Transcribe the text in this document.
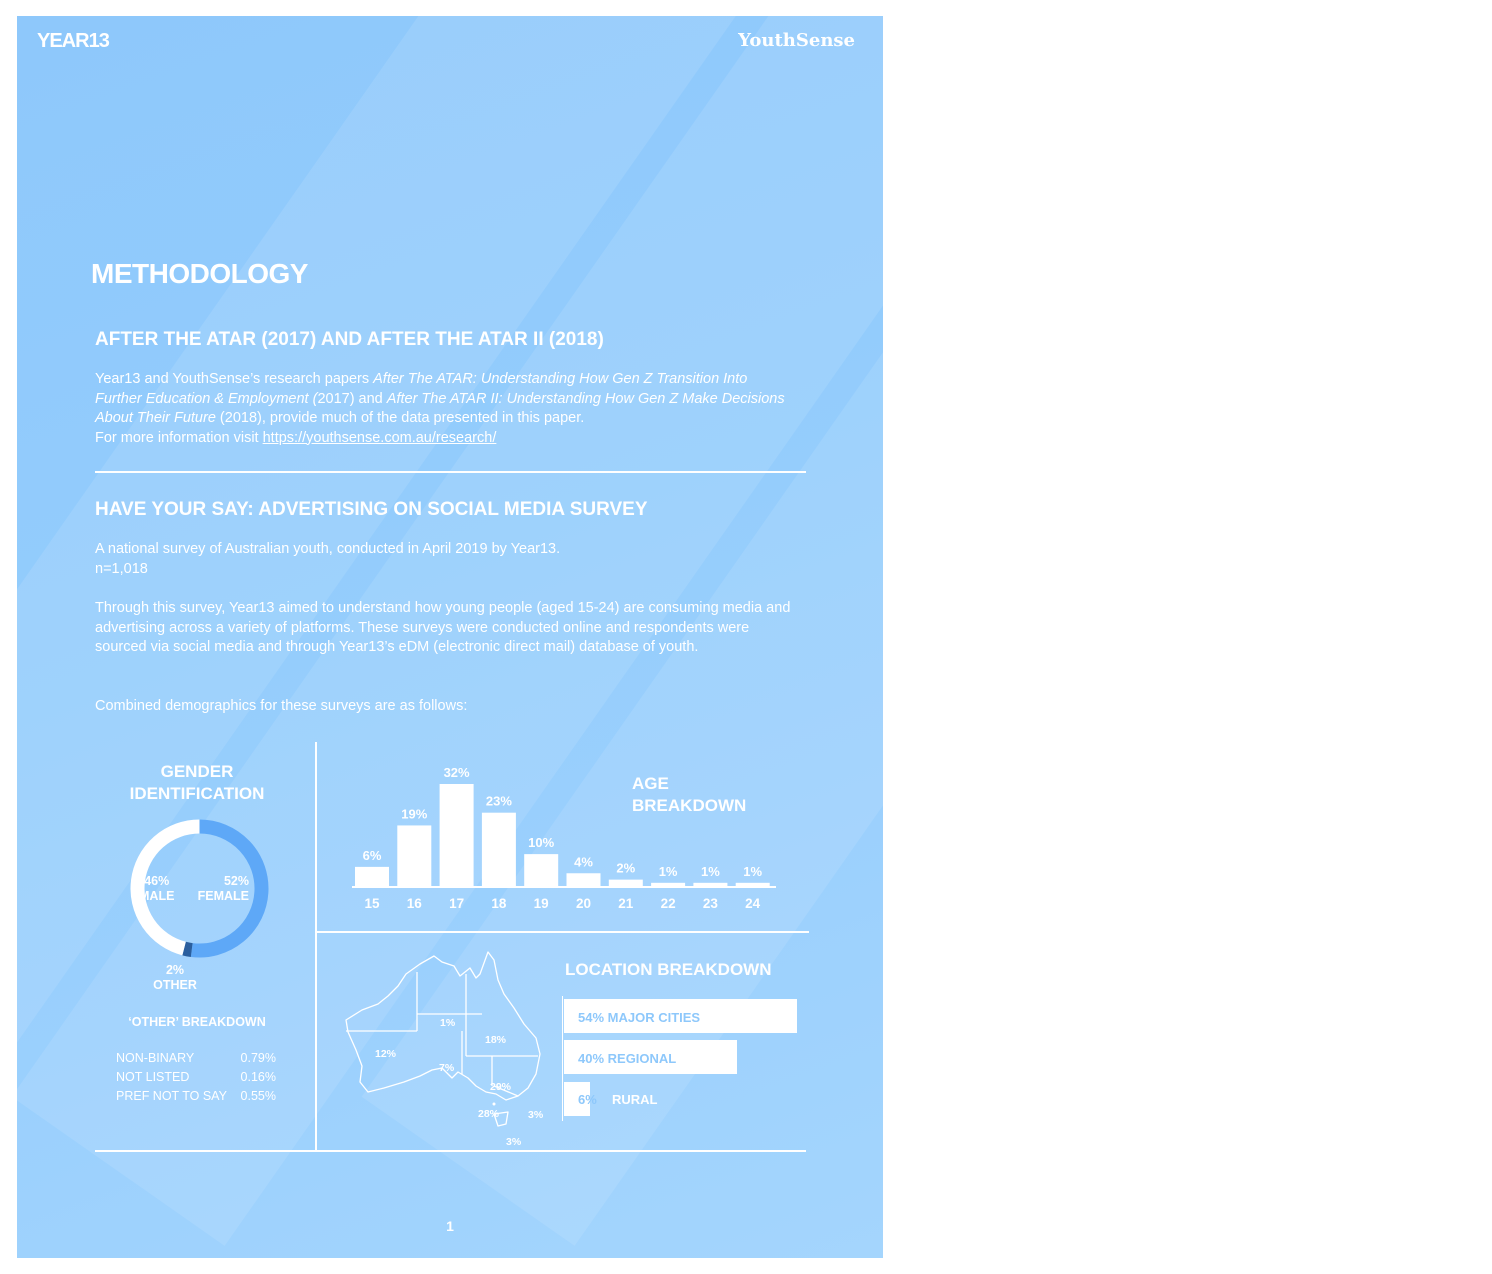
YEAR13	YouthSense
METHODOLOGY
AFTER THE ATAR (2017) AND AFTER THE ATAR II (2018)
Year13 and YouthSense’s research papers After The ATAR: Understanding How Gen Z Transition Into Further Education & Employment (2017) and After The ATAR II: Understanding How Gen Z Make Decisions About Their Future (2018), provide much of the data presented in this paper.
For more information visit https://youthsense.com.au/research/
HAVE YOUR SAY: ADVERTISING ON SOCIAL MEDIA SURVEY
A national survey of Australian youth, conducted in April 2019 by Year13.
n=1,018
Through this survey, Year13 aimed to understand how young people (aged 15-24) are consuming media and advertising across a variety of platforms. These surveys were conducted online and respondents were sourced via social media and through Year13’s eDM (electronic direct mail) database of youth.
Combined demographics for these surveys are as follows:
GENDER
IDENTIFICATION
46%
MALE
52%
FEMALE
2%
OTHER
‘OTHER’ BREAKDOWN
NON-BINARY	0.79%
NOT LISTED	0.16%
PREF NOT TO SAY 0.55%
6%
15
19%
16
32%
17
23%
18
10%
19
4%
20
2%
21
1%
22
1%
23
1%
24
AGE
BREAKDOWN
1%
12%
18%
7%
29%
28%	3%
3%
LOCATION BREAKDOWN
54% MAJOR CITIES
40% REGIONAL
6% RURAL
1
